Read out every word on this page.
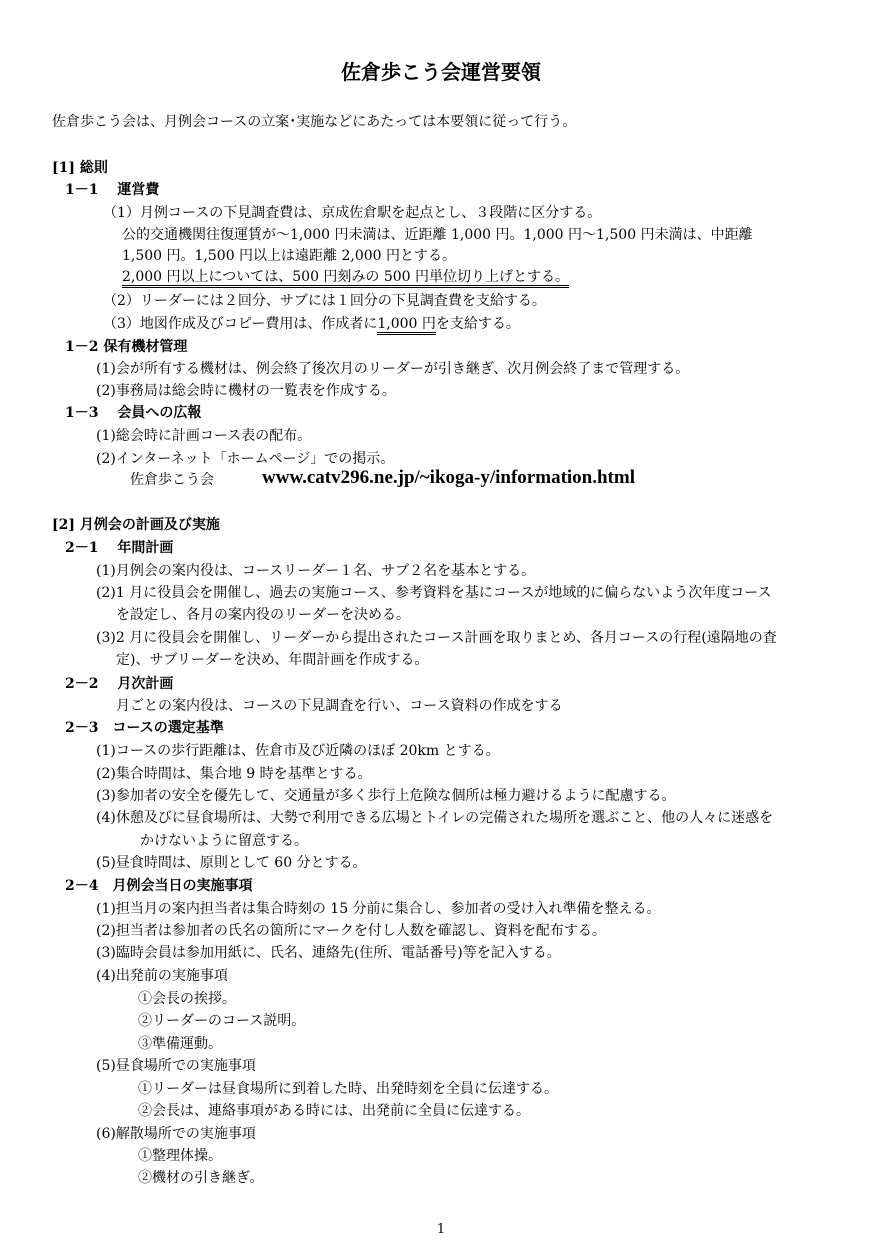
佐倉歩こう会運営要領
佐倉歩こう会は、月例会コースの立案･実施などにあたっては本要領に従って行う。
[1] 総則
1－1　 運営費
（1）月例コースの下見調査費は、京成佐倉駅を起点とし、３段階に区分する。
公的交通機関往復運賃が～1,000 円未満は、近距離 1,000 円。1,000 円～1,500 円未満は、中距離
1,500 円。1,500 円以上は遠距離 2,000 円とする。
2,000 円以上については、500 円刻みの 500 円単位切り上げとする。
（2）リーダーには２回分、サブには１回分の下見調査費を支給する。
（3）地図作成及びコピー費用は、作成者に1,000 円を支給する。
1－2 保有機材管理
(1)会が所有する機材は、例会終了後次月のリーダーが引き継ぎ、次月例会終了まで管理する。
(2)事務局は総会時に機材の一覧表を作成する。
1－3　 会員への広報
(1)総会時に計画コース表の配布。
(2)インターネット「ホームページ」での掲示。
佐倉歩こう会	www.catv296.ne.jp/~ikoga-y/information.html
[2] 月例会の計画及び実施
2－1　 年間計画
(1)月例会の案内役は、コースリーダー１名、サブ２名を基本とする。
(2)1 月に役員会を開催し、過去の実施コース、参考資料を基にコースが地域的に偏らないよう次年度コース
を設定し、各月の案内役のリーダーを決める。
(3)2 月に役員会を開催し、リーダーから提出されたコース計画を取りまとめ、各月コースの行程(遠隔地の査
定)、サブリーダーを決め、年間計画を作成する。
2－2　 月次計画
月ごとの案内役は、コースの下見調査を行い、コース資料の作成をする
2－3　コースの選定基準
(1)コースの歩行距離は、佐倉市及び近隣のほぼ 20km とする。
(2)集合時間は、集合地 9 時を基準とする。
(3)参加者の安全を優先して、交通量が多く歩行上危険な個所は極力避けるように配慮する。
(4)休憩及びに昼食場所は、大勢で利用できる広場とトイレの完備された場所を選ぶこと、他の人々に迷惑を
かけないように留意する。
(5)昼食時間は、原則として 60 分とする。
2－4　月例会当日の実施事項
(1)担当月の案内担当者は集合時刻の 15 分前に集合し、参加者の受け入れ準備を整える。
(2)担当者は参加者の氏名の箇所にマークを付し人数を確認し、資料を配布する。
(3)臨時会員は参加用紙に、氏名、連絡先(住所、電話番号)等を記入する。
(4)出発前の実施事項
①会長の挨拶。
②リーダーのコース説明。
③準備運動。
(5)昼食場所での実施事項
①リーダーは昼食場所に到着した時、出発時刻を全員に伝達する。
②会長は、連絡事項がある時には、出発前に全員に伝達する。
(6)解散場所での実施事項
①整理体操。
②機材の引き継ぎ。
1
